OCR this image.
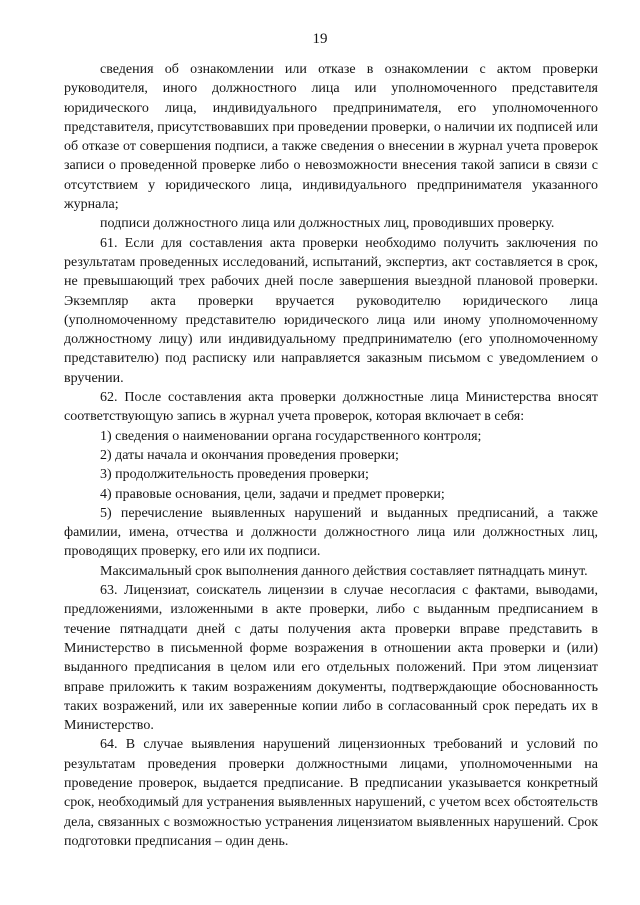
19

сведения об ознакомлении или отказе в ознакомлении с актом проверки руководителя, иного должностного лица или уполномоченного представителя юридического лица, индивидуального предпринимателя, его уполномоченного представителя, присутствовавших при проведении проверки, о наличии их подписей или об отказе от совершения подписи, а также сведения о внесении в журнал учета проверок записи о проведенной проверке либо о невозможности внесения такой записи в связи с отсутствием у юридического лица, индивидуального предпринимателя указанного журнала;

подписи должностного лица или должностных лиц, проводивших проверку.

61. Если для составления акта проверки необходимо получить заключения по результатам проведенных исследований, испытаний, экспертиз, акт составляется в срок, не превышающий трех рабочих дней после завершения выездной плановой проверки. Экземпляр акта проверки вручается руководителю юридического лица (уполномоченному представителю юридического лица или иному уполномоченному должностному лицу) или индивидуальному предпринимателю (его уполномоченному представителю) под расписку или направляется заказным письмом с уведомлением о вручении.

62. После составления акта проверки должностные лица Министерства вносят соответствующую запись в журнал учета проверок, которая включает в себя:

1) сведения о наименовании органа государственного контроля;

2) даты начала и окончания проведения проверки;

3) продолжительность проведения проверки;

4) правовые основания, цели, задачи и предмет проверки;

5) перечисление выявленных нарушений и выданных предписаний, а также фамилии, имена, отчества и должности должностного лица или должностных лиц, проводящих проверку, его или их подписи.

Максимальный срок выполнения данного действия составляет пятнадцать минут.

63. Лицензиат, соискатель лицензии в случае несогласия с фактами, выводами, предложениями, изложенными в акте проверки, либо с выданным предписанием в течение пятнадцати дней с даты получения акта проверки вправе представить в Министерство в письменной форме возражения в отношении акта проверки и (или) выданного предписания в целом или его отдельных положений. При этом лицензиат вправе приложить к таким возражениям документы, подтверждающие обоснованность таких возражений, или их заверенные копии либо в согласованный срок передать их в Министерство.

64. В случае выявления нарушений лицензионных требований и условий по результатам проведения проверки должностными лицами, уполномоченными на проведение проверок, выдается предписание. В предписании указывается конкретный срок, необходимый для устранения выявленных нарушений, с учетом всех обстоятельств дела, связанных с возможностью устранения лицензиатом выявленных нарушений. Срок подготовки предписания – один день.
